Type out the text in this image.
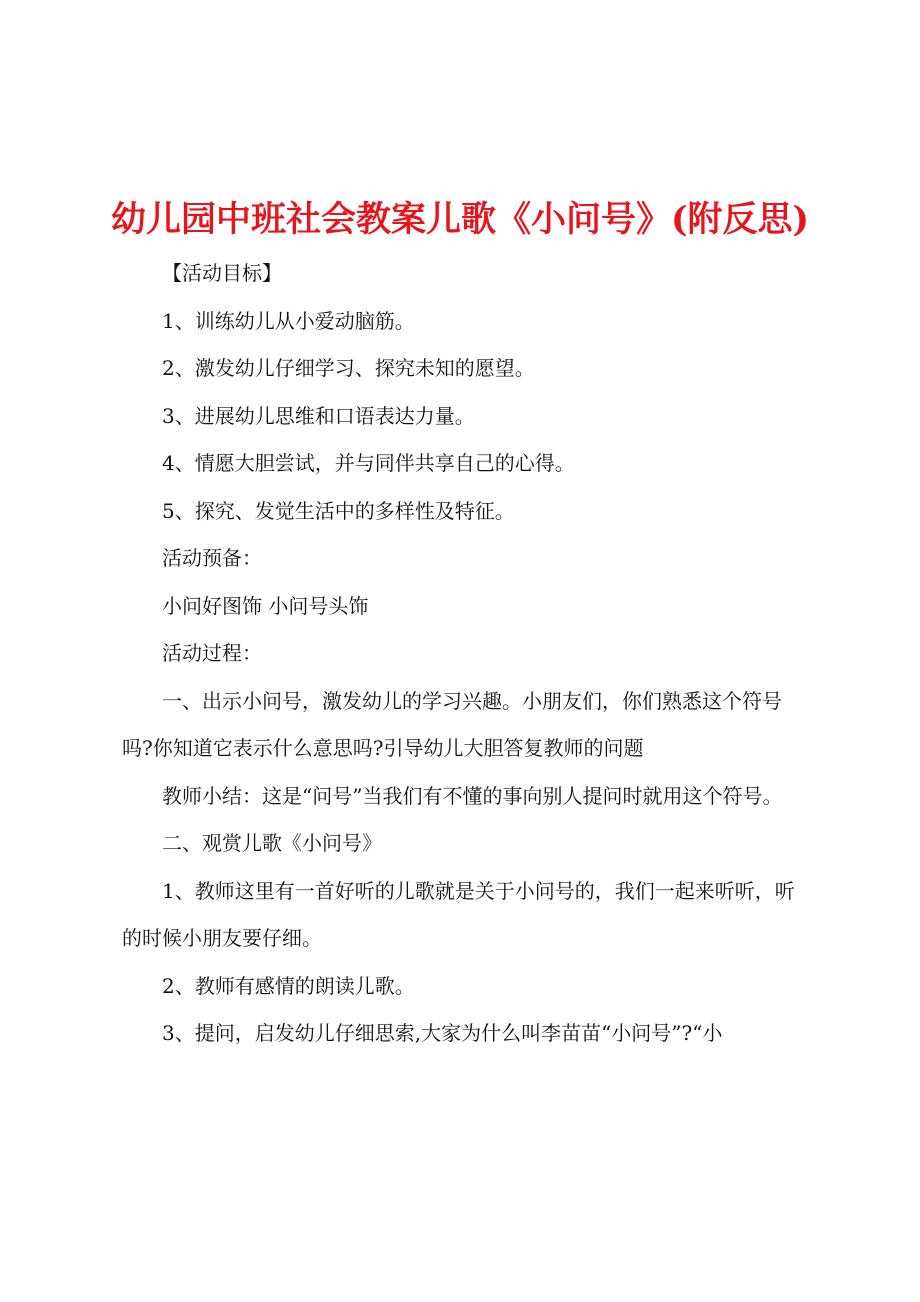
幼儿园中班社会教案儿歌《小问号》(附反思)

【活动目标】

1、训练幼儿从小爱动脑筋。

2、激发幼儿仔细学习、探究未知的愿望。

3、进展幼儿思维和口语表达力量。

4、情愿大胆尝试，并与同伴共享自己的心得。

5、探究、发觉生活中的多样性及特征。

活动预备：

小问好图饰 小问号头饰

活动过程：

一、出示小问号，激发幼儿的学习兴趣。小朋友们，你们熟悉这个符号吗?你知道它表示什么意思吗?引导幼儿大胆答复教师的问题

教师小结：这是“问号”当我们有不懂的事向别人提问时就用这个符号。

二、观赏儿歌《小问号》

1、教师这里有一首好听的儿歌就是关于小问号的，我们一起来听听，听的时候小朋友要仔细。

2、教师有感情的朗读儿歌。

3、提问，启发幼儿仔细思索,大家为什么叫李苗苗“小问号”?“小
